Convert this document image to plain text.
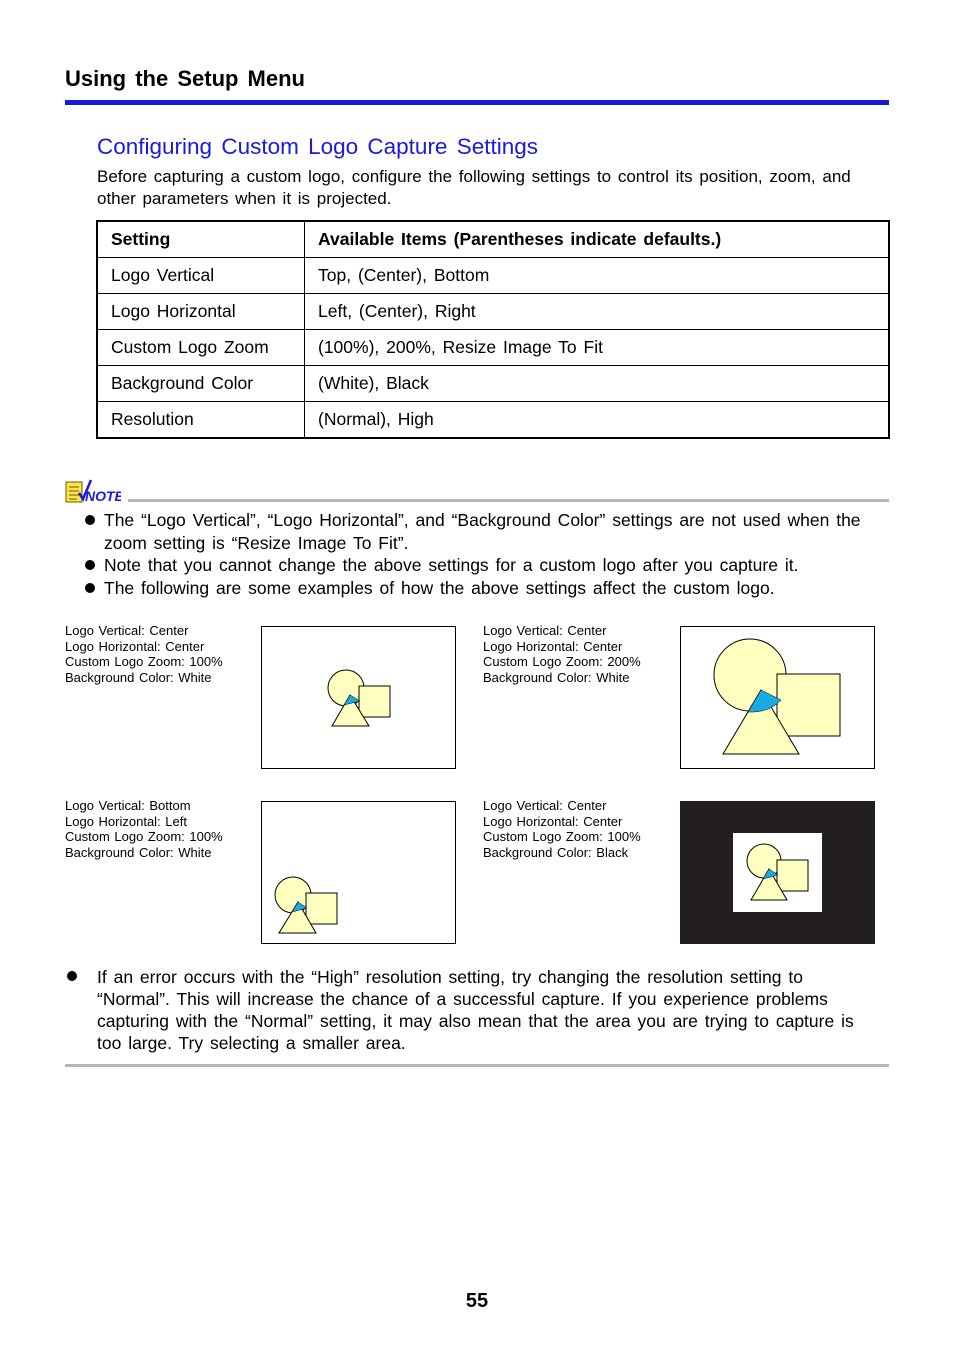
Using the Setup Menu
Configuring Custom Logo Capture Settings
Before capturing a custom logo, configure the following settings to control its position, zoom, and other parameters when it is projected.
Setting	Available Items (Parentheses indicate defaults.)
Logo Vertical	Top, (Center), Bottom
Logo Horizontal	Left, (Center), Right
Custom Logo Zoom	(100%), 200%, Resize Image To Fit
Background Color	(White), Black
Resolution	(Normal), High
NOTE
The “Logo Vertical”, “Logo Horizontal”, and “Background Color” settings are not used when the zoom setting is “Resize Image To Fit”.
Note that you cannot change the above settings for a custom logo after you capture it.
The following are some examples of how the above settings affect the custom logo.
Logo Vertical: Center
Logo Horizontal: Center
Custom Logo Zoom: 100%
Background Color: White
Logo Vertical: Center
Logo Horizontal: Center
Custom Logo Zoom: 200%
Background Color: White
Logo Vertical: Bottom
Logo Horizontal: Left
Custom Logo Zoom: 100%
Background Color: White
Logo Vertical: Center
Logo Horizontal: Center
Custom Logo Zoom: 100%
Background Color: Black
If an error occurs with the “High” resolution setting, try changing the resolution setting to “Normal”. This will increase the chance of a successful capture. If you experience problems capturing with the “Normal” setting, it may also mean that the area you are trying to capture is too large. Try selecting a smaller area.
55
